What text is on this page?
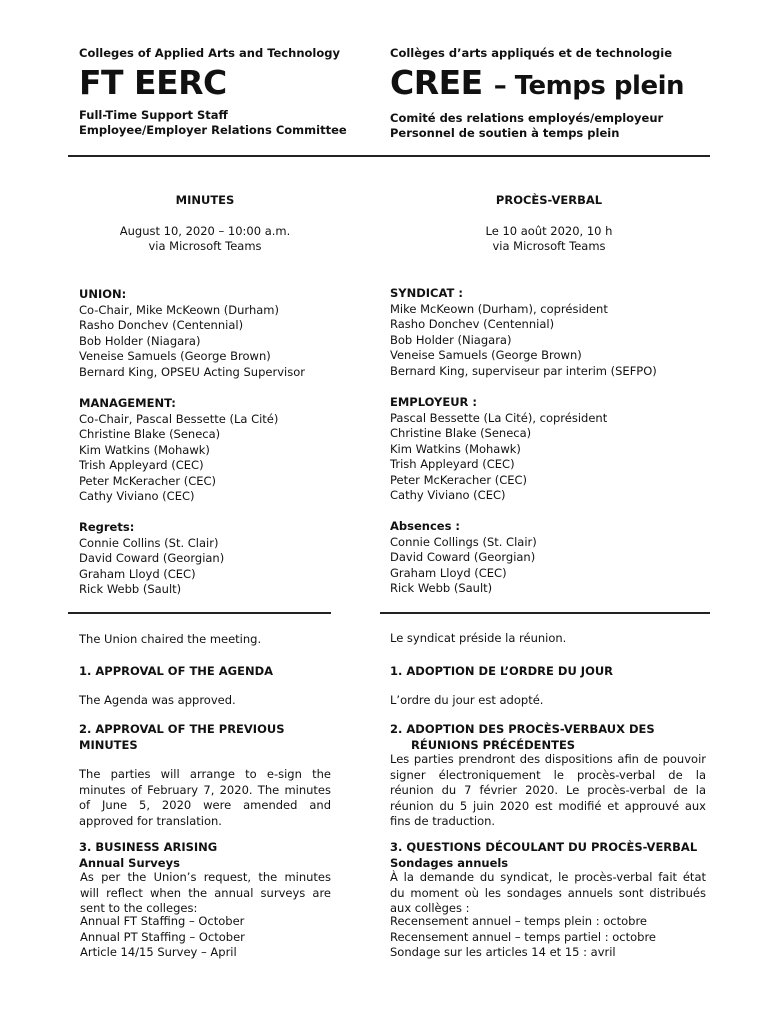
Colleges of Applied Arts and Technology
FT EERC
Full-Time Support Staff
Employee/Employer Relations Committee
Collèges d’arts appliqués et de technologie
CREE – Temps plein
Comité des relations employés/employeur
Personnel de soutien à temps plein
MINUTES
August 10, 2020 – 10:00 a.m.
via Microsoft Teams
PROCÈS-VERBAL
Le 10 août 2020, 10 h
via Microsoft Teams
UNION:
Co-Chair, Mike McKeown (Durham)
Rasho Donchev (Centennial)
Bob Holder (Niagara)
Veneise Samuels (George Brown)
Bernard King, OPSEU Acting Supervisor
SYNDICAT :
Mike McKeown (Durham), coprésident
Rasho Donchev (Centennial)
Bob Holder (Niagara)
Veneise Samuels (George Brown)
Bernard King, superviseur par interim (SEFPO)
MANAGEMENT:
Co-Chair, Pascal Bessette (La Cité)
Christine Blake (Seneca)
Kim Watkins (Mohawk)
Trish Appleyard (CEC)
Peter McKeracher (CEC)
Cathy Viviano (CEC)
EMPLOYEUR :
Pascal Bessette (La Cité), coprésident
Christine Blake (Seneca)
Kim Watkins (Mohawk)
Trish Appleyard (CEC)
Peter McKeracher (CEC)
Cathy Viviano (CEC)
Regrets:
Connie Collins (St. Clair)
David Coward (Georgian)
Graham Lloyd (CEC)
Rick Webb (Sault)
Absences :
Connie Collings (St. Clair)
David Coward (Georgian)
Graham Lloyd (CEC)
Rick Webb (Sault)
The Union chaired the meeting.	Le syndicat préside la réunion.
1. APPROVAL OF THE AGENDA	1. ADOPTION DE L’ORDRE DU JOUR
The Agenda was approved.	L’ordre du jour est adopté.
2. APPROVAL OF THE PREVIOUS
MINUTES
2. ADOPTION DES PROCÈS-VERBAUX DES
RÉUNIONS PRÉCÉDENTES
The parties will arrange to e-sign the minutes of February 7, 2020. The minutes of June 5, 2020 were amended and approved for translation.
Les parties prendront des dispositions afin de pouvoir signer électroniquement le procès-verbal de la réunion du 7 février 2020. Le procès-verbal de la réunion du 5 juin 2020 est modifié et approuvé aux fins de traduction.
3. BUSINESS ARISING
Annual Surveys
3. QUESTIONS DÉCOULANT DU PROCÈS-VERBAL
Sondages annuels
As per the Union’s request, the minutes will reflect when the annual surveys are sent to the colleges:
À la demande du syndicat, le procès-verbal fait état du moment où les sondages annuels sont distribués aux collèges :
Annual FT Staffing – October
Annual PT Staffing – October
Article 14/15 Survey – April
Recensement annuel – temps plein : octobre
Recensement annuel – temps partiel : octobre
Sondage sur les articles 14 et 15 : avril
